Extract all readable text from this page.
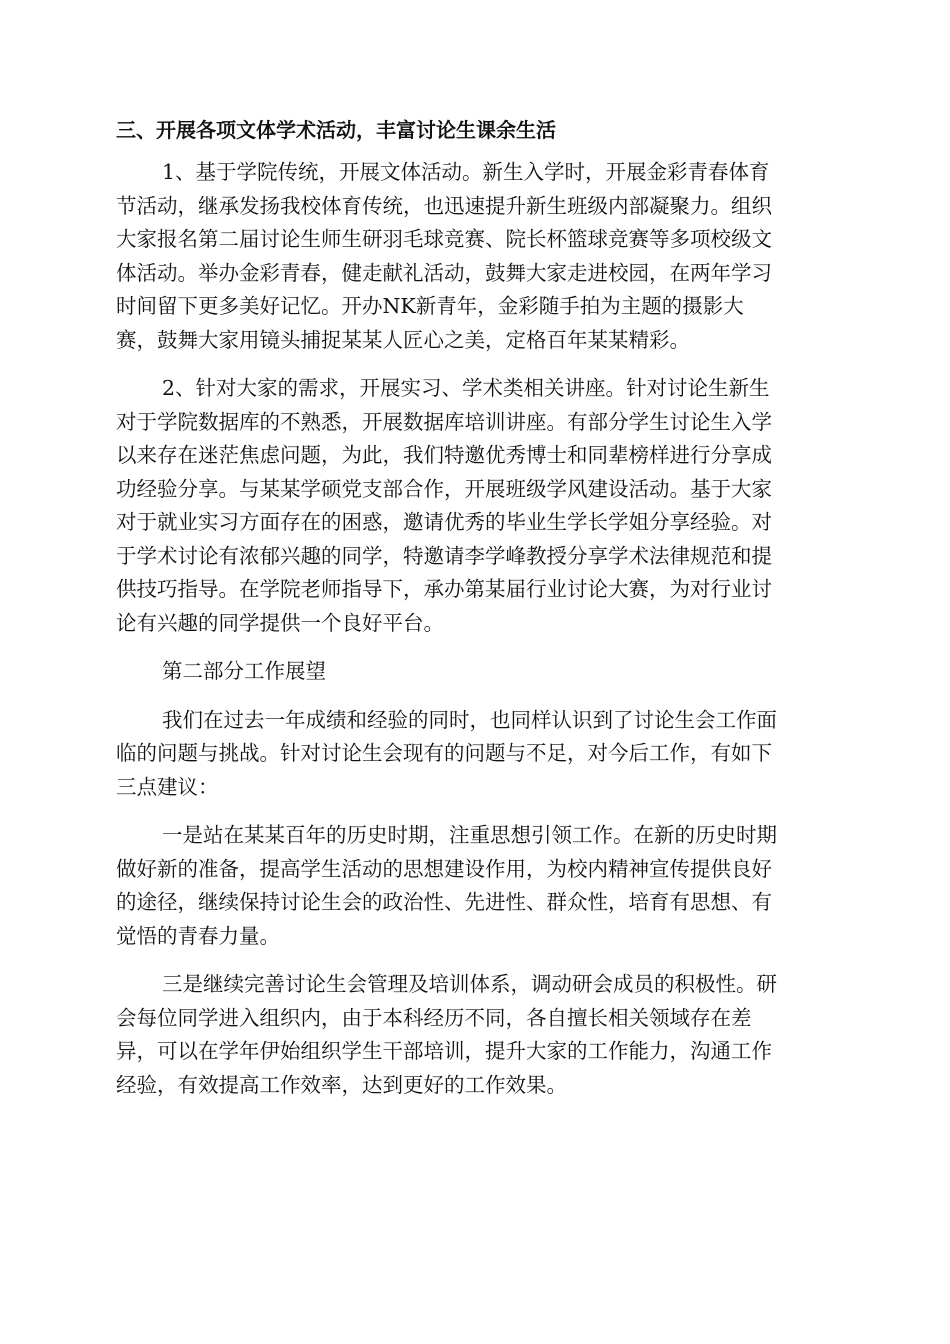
三、开展各项文体学术活动，丰富讨论生课余生活
1、基于学院传统，开展文体活动。新生入学时，开展金彩青春体育
节活动，继承发扬我校体育传统，也迅速提升新生班级内部凝聚力。组织
大家报名第二届讨论生师生研羽毛球竞赛、院长杯篮球竞赛等多项校级文
体活动。举办金彩青春，健走献礼活动，鼓舞大家走进校园，在两年学习
时间留下更多美好记忆。开办NK新青年，金彩随手拍为主题的摄影大
赛，鼓舞大家用镜头捕捉某某人匠心之美，定格百年某某精彩。
2、针对大家的需求，开展实习、学术类相关讲座。针对讨论生新生
对于学院数据库的不熟悉，开展数据库培训讲座。有部分学生讨论生入学
以来存在迷茫焦虑问题，为此，我们特邀优秀博士和同辈榜样进行分享成
功经验分享。与某某学硕党支部合作，开展班级学风建设活动。基于大家
对于就业实习方面存在的困惑，邀请优秀的毕业生学长学姐分享经验。对
于学术讨论有浓郁兴趣的同学，特邀请李学峰教授分享学术法律规范和提
供技巧指导。在学院老师指导下，承办第某届行业讨论大赛，为对行业讨
论有兴趣的同学提供一个良好平台。
第二部分工作展望
我们在过去一年成绩和经验的同时，也同样认识到了讨论生会工作面
临的问题与挑战。针对讨论生会现有的问题与不足，对今后工作，有如下
三点建议：
一是站在某某百年的历史时期，注重思想引领工作。在新的历史时期
做好新的准备，提高学生活动的思想建设作用，为校内精神宣传提供良好
的途径，继续保持讨论生会的政治性、先进性、群众性，培育有思想、有
觉悟的青春力量。
三是继续完善讨论生会管理及培训体系，调动研会成员的积极性。研
会每位同学进入组织内，由于本科经历不同，各自擅长相关领域存在差
异，可以在学年伊始组织学生干部培训，提升大家的工作能力，沟通工作
经验，有效提高工作效率，达到更好的工作效果。
